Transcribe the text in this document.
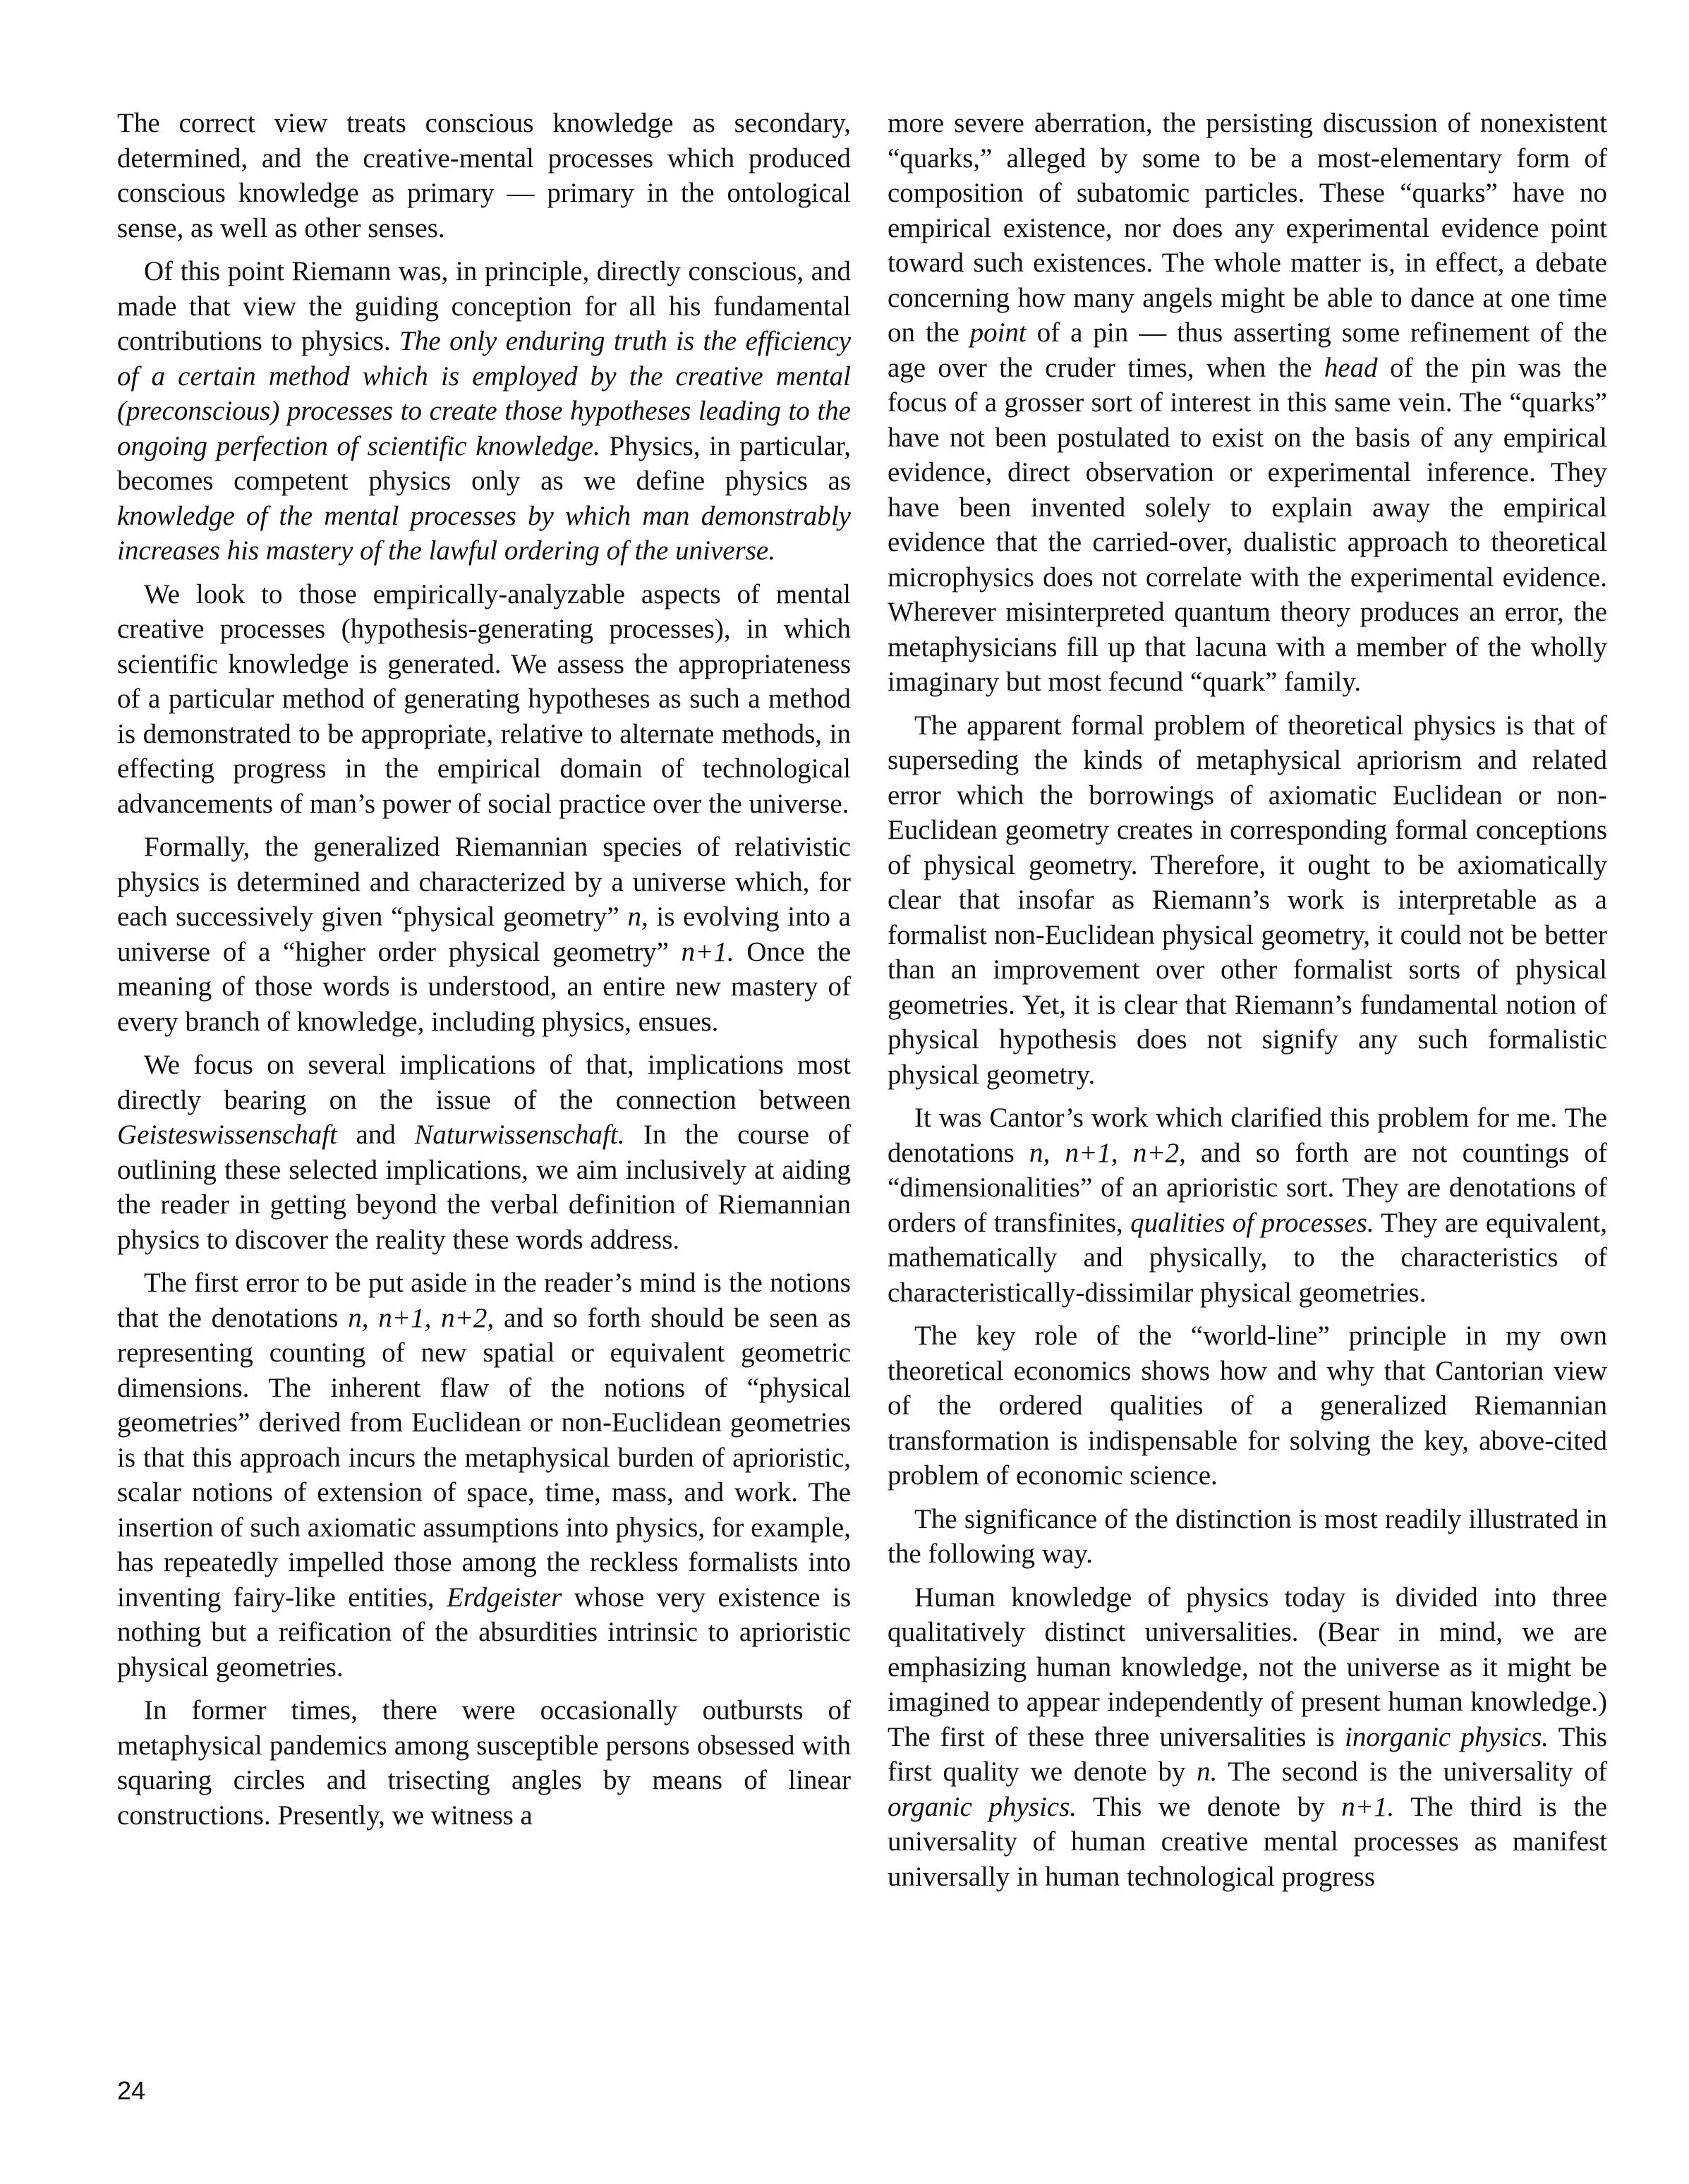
The correct view treats conscious knowledge as secondary, determined, and the creative-mental processes which produced conscious knowledge as primary — primary in the ontological sense, as well as other senses.

Of this point Riemann was, in principle, directly conscious, and made that view the guiding conception for all his fundamental contributions to physics. The only enduring truth is the efficiency of a certain method which is employed by the creative mental (preconscious) processes to create those hypotheses leading to the ongoing perfection of scientific knowledge. Physics, in particular, becomes competent physics only as we define physics as knowledge of the mental processes by which man demonstrably increases his mastery of the lawful ordering of the universe.

We look to those empirically-analyzable aspects of mental creative processes (hypothesis-generating processes), in which scientific knowledge is generated. We assess the appropriateness of a particular method of generating hypotheses as such a method is demonstrated to be appropriate, relative to alternate methods, in effecting progress in the empirical domain of technological advancements of man’s power of social practice over the universe.

Formally, the generalized Riemannian species of relativistic physics is determined and characterized by a universe which, for each successively given “physical geometry” n, is evolving into a universe of a “higher order physical geometry” n+1. Once the meaning of those words is understood, an entire new mastery of every branch of knowledge, including physics, ensues.

We focus on several implications of that, implications most directly bearing on the issue of the connection between Geisteswissenschaft and Naturwissenschaft. In the course of outlining these selected implications, we aim inclusively at aiding the reader in getting beyond the verbal definition of Riemannian physics to discover the reality these words address.

The first error to be put aside in the reader’s mind is the notions that the denotations n, n+1, n+2, and so forth should be seen as representing counting of new spatial or equivalent geometric dimensions. The inherent flaw of the notions of “physical geometries” derived from Euclidean or non-Euclidean geometries is that this approach incurs the metaphysical burden of aprioristic, scalar notions of extension of space, time, mass, and work. The insertion of such axiomatic assumptions into physics, for example, has repeatedly impelled those among the reckless formalists into inventing fairy-like entities, Erdgeister whose very existence is nothing but a reification of the absurdities intrinsic to aprioristic physical geometries.

In former times, there were occasionally outbursts of metaphysical pandemics among susceptible persons obsessed with squaring circles and trisecting angles by means of linear constructions. Presently, we witness a

more severe aberration, the persisting discussion of nonexistent “quarks,” alleged by some to be a most-elementary form of composition of subatomic particles. These “quarks” have no empirical existence, nor does any experimental evidence point toward such existences. The whole matter is, in effect, a debate concerning how many angels might be able to dance at one time on the point of a pin — thus asserting some refinement of the age over the cruder times, when the head of the pin was the focus of a grosser sort of interest in this same vein. The “quarks” have not been postulated to exist on the basis of any empirical evidence, direct observation or experimental inference. They have been invented solely to explain away the empirical evidence that the carried-over, dualistic approach to theoretical microphysics does not correlate with the experimental evidence. Wherever misinterpreted quantum theory produces an error, the metaphysicians fill up that lacuna with a member of the wholly imaginary but most fecund “quark” family.

The apparent formal problem of theoretical physics is that of superseding the kinds of metaphysical apriorism and related error which the borrowings of axiomatic Euclidean or non-Euclidean geometry creates in corresponding formal conceptions of physical geometry. Therefore, it ought to be axiomatically clear that insofar as Riemann’s work is interpretable as a formalist non-Euclidean physical geometry, it could not be better than an improvement over other formalist sorts of physical geometries. Yet, it is clear that Riemann’s fundamental notion of physical hypothesis does not signify any such formalistic physical geometry.

It was Cantor’s work which clarified this problem for me. The denotations n, n+1, n+2, and so forth are not countings of “dimensionalities” of an aprioristic sort. They are denotations of orders of transfinites, qualities of processes. They are equivalent, mathematically and physically, to the characteristics of characteristically-dissimilar physical geometries.

The key role of the “world-line” principle in my own theoretical economics shows how and why that Cantorian view of the ordered qualities of a generalized Riemannian transformation is indispensable for solving the key, above-cited problem of economic science.

The significance of the distinction is most readily illustrated in the following way.

Human knowledge of physics today is divided into three qualitatively distinct universalities. (Bear in mind, we are emphasizing human knowledge, not the universe as it might be imagined to appear independently of present human knowledge.) The first of these three universalities is inorganic physics. This first quality we denote by n. The second is the universality of organic physics. This we denote by n+1. The third is the universality of human creative mental processes as manifest universally in human technological progress

24
